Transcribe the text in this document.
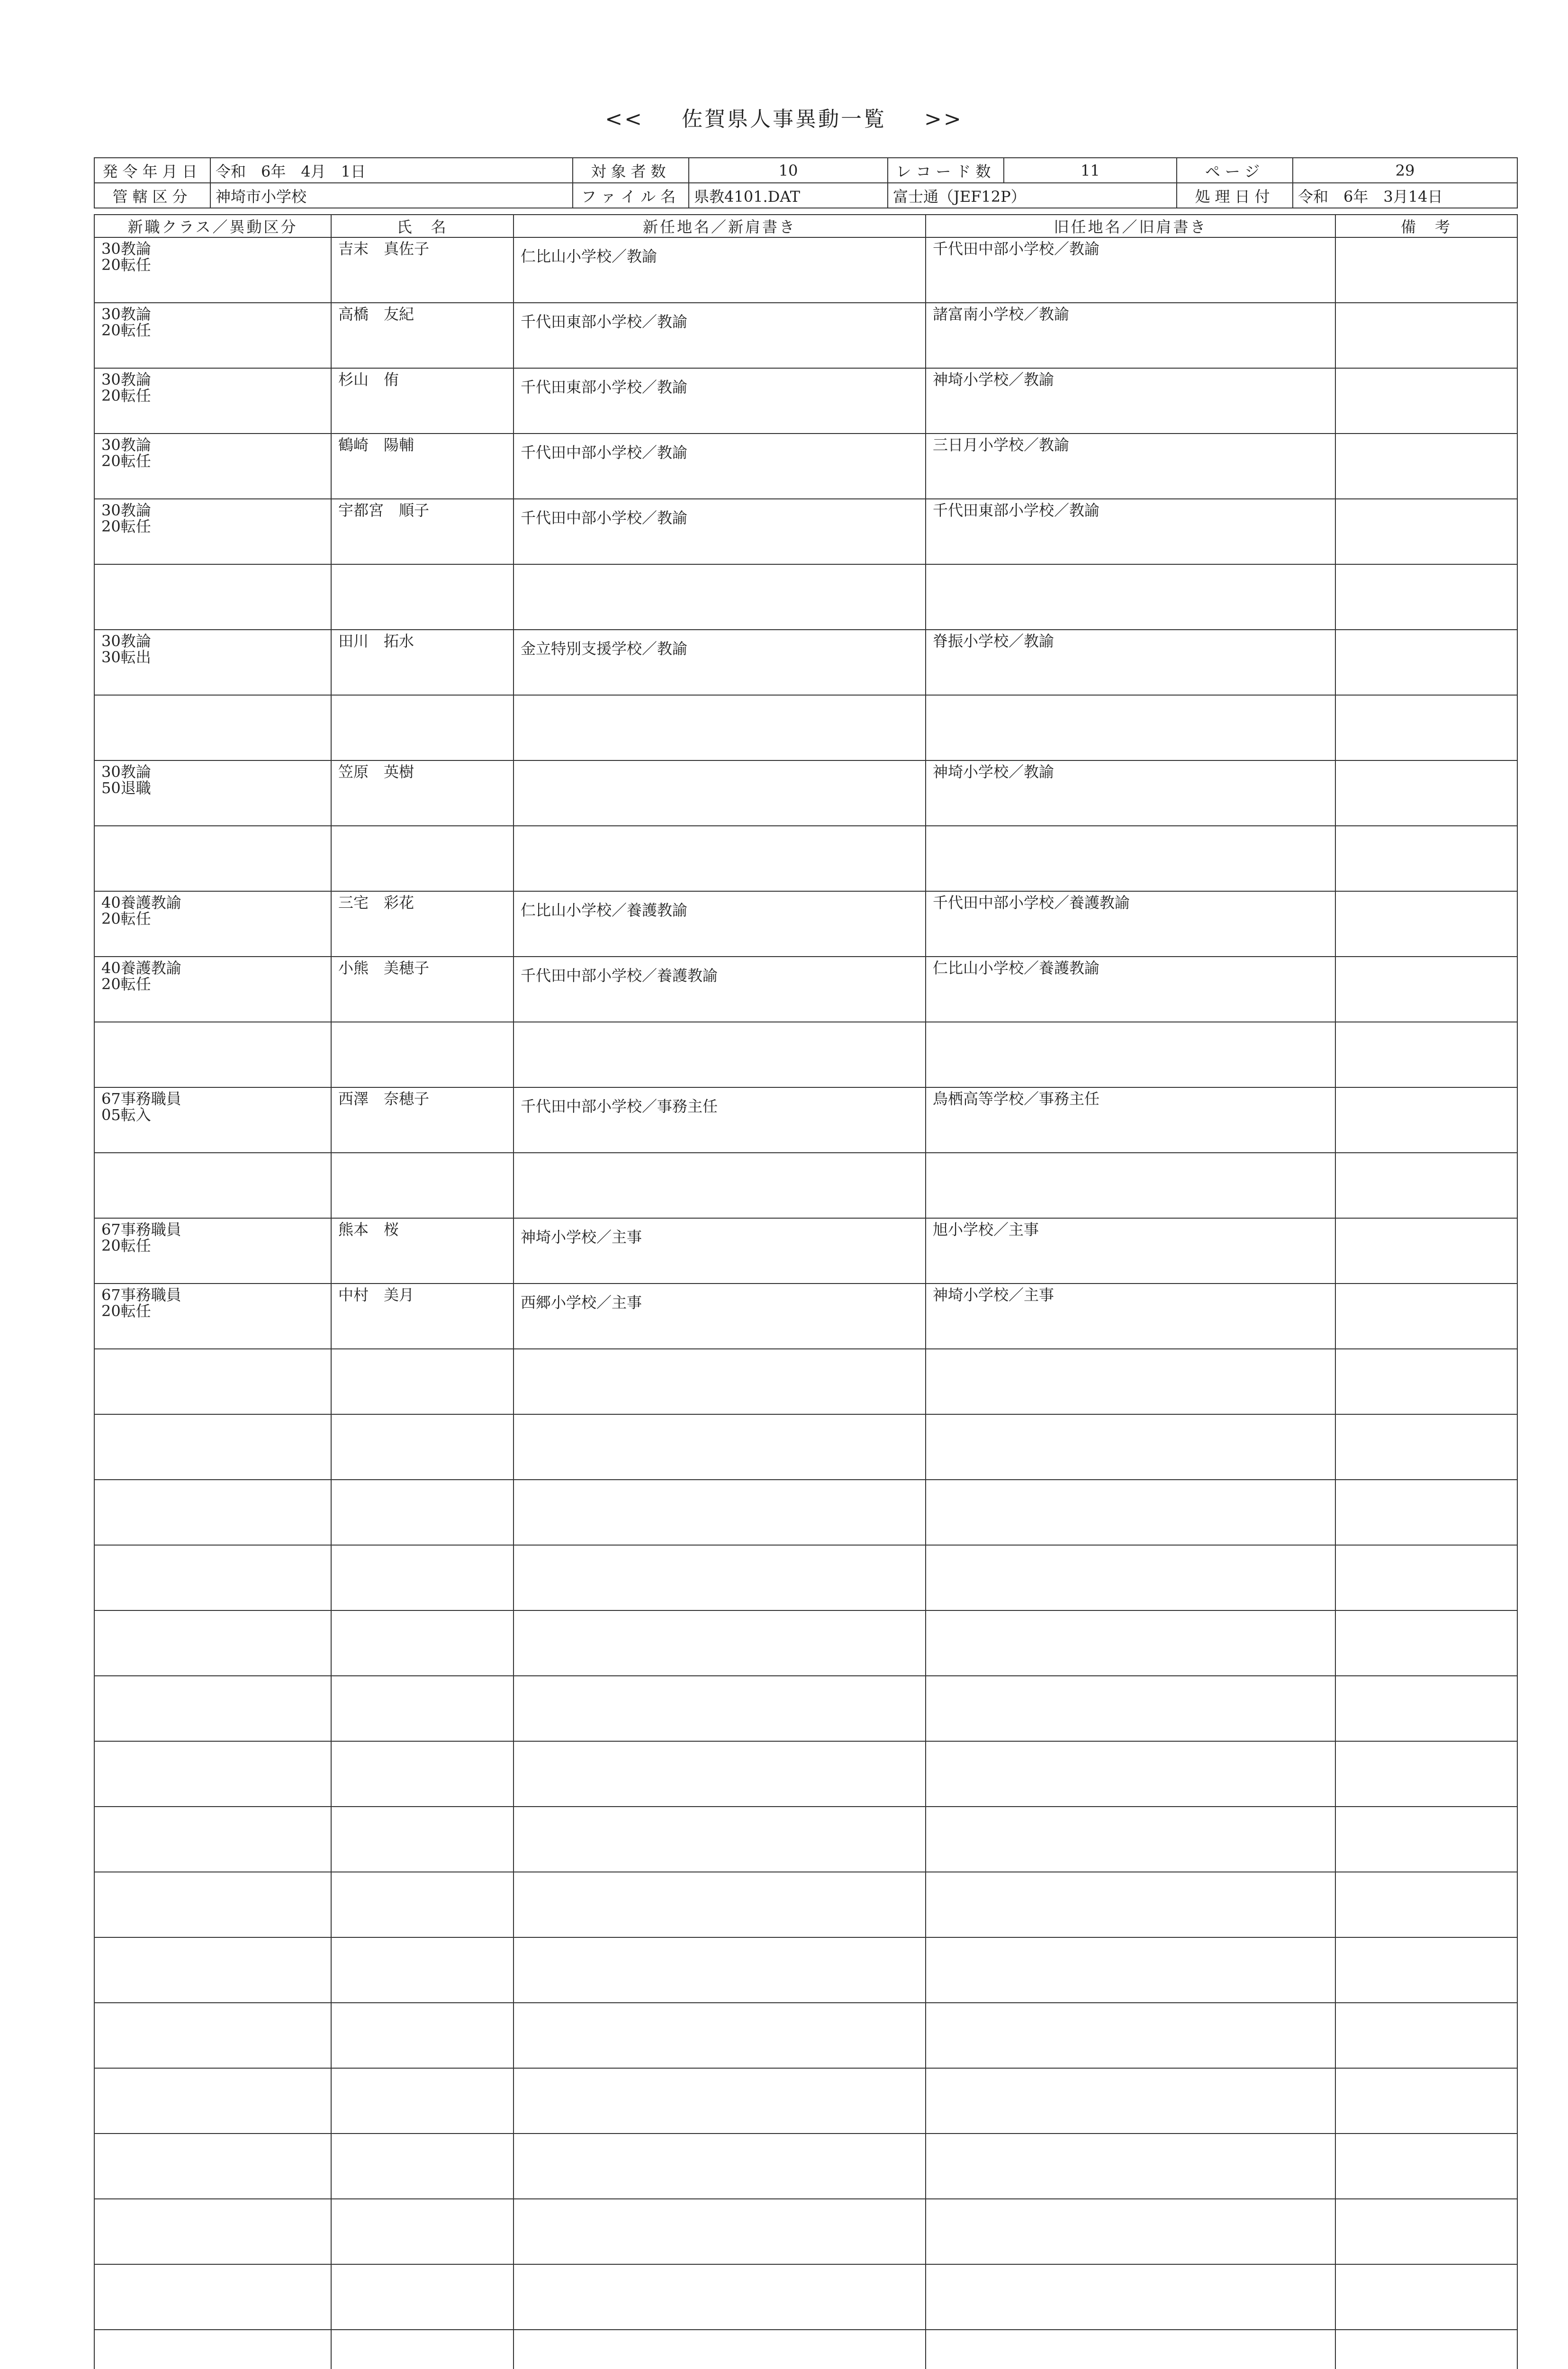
<< 佐賀県人事異動一覧 >>
発令年月日	令和　6年　4月　1日	対象者数	10	レコード数	11	ページ	29
管轄区分	神埼市小学校	ファイル名	県教4101.DAT	富士通（JEF12P）		処理日付	令和　6年　3月14日
新職クラス／異動区分	氏　名	新任地名／新肩書き	旧任地名／旧肩書き	備　考

30教論
20転任	吉末　真佐子	仁比山小学校／教諭	千代田中部小学校／教諭	

30教論
20転任	高橋　友紀	千代田東部小学校／教諭	諸富南小学校／教諭	

30教論
20転任	杉山　侑	千代田東部小学校／教諭	神埼小学校／教諭	

30教論
20転任	鶴崎　陽輔	千代田中部小学校／教諭	三日月小学校／教諭	

30教論
20転任	宇都宮　順子	千代田中部小学校／教諭	千代田東部小学校／教諭	

30教論
30転出	田川　拓水	金立特別支援学校／教諭	脊振小学校／教諭	

30教論
50退職	笠原　英樹		神埼小学校／教諭	

40養護教諭
20転任	三宅　彩花	仁比山小学校／養護教諭	千代田中部小学校／養護教諭	

40養護教諭
20転任	小熊　美穂子	千代田中部小学校／養護教諭	仁比山小学校／養護教諭	

67事務職員
05転入	西澤　奈穂子	千代田中部小学校／事務主任	鳥栖高等学校／事務主任	

67事務職員
20転任	熊本　桜	神埼小学校／主事	旭小学校／主事	

67事務職員
20転任	中村　美月	西郷小学校／主事	神埼小学校／主事	
